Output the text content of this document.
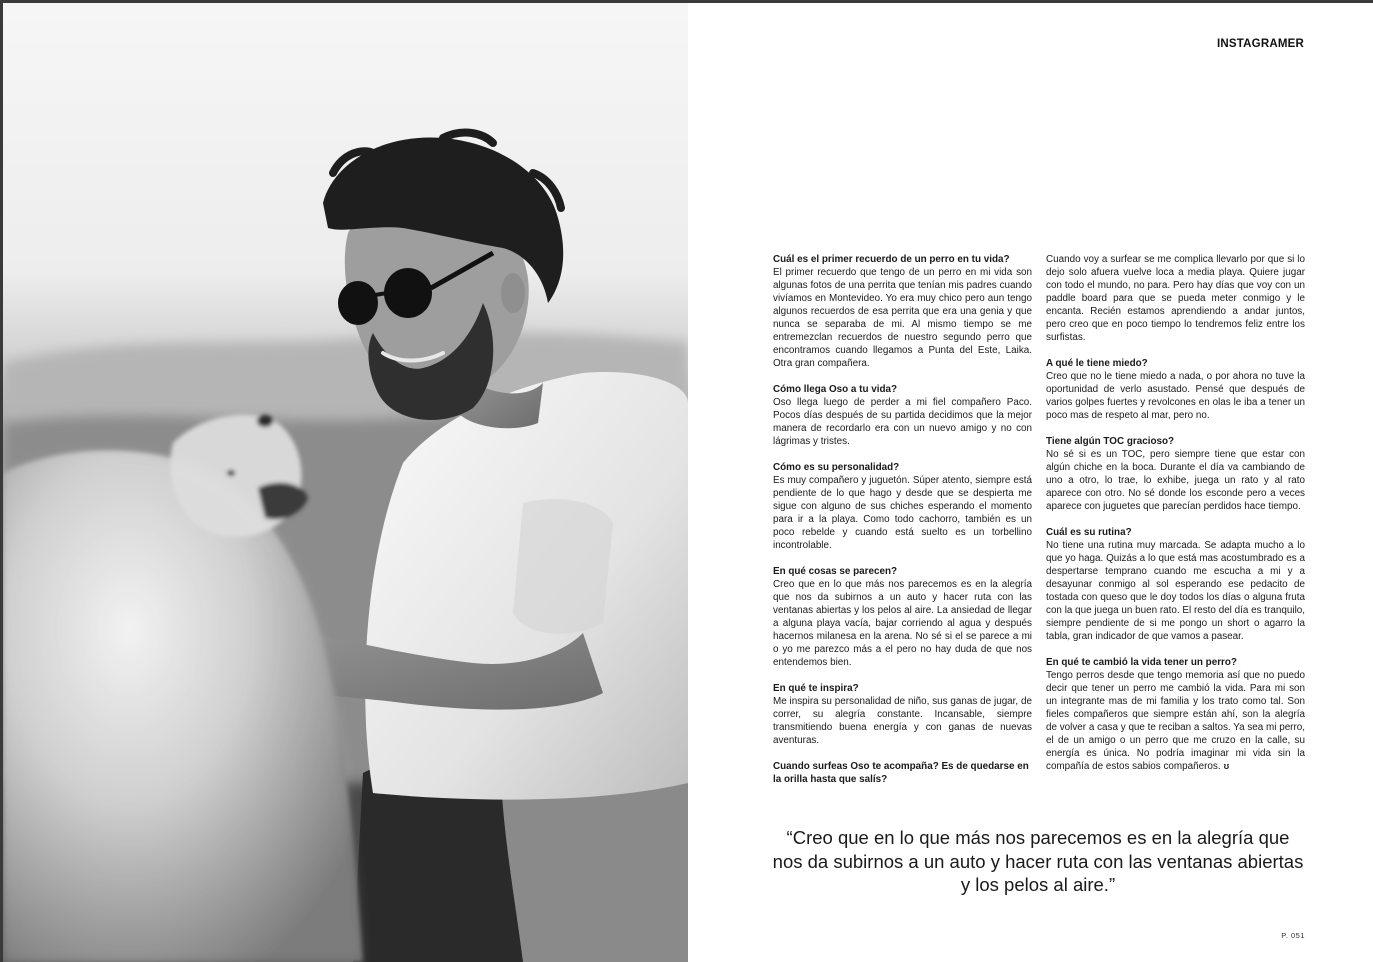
INSTAGRAMER
Cuál es el primer recuerdo de un perro en tu vida?
El primer recuerdo que tengo de un perro en mi vida son algunas fotos de una perrita que tenían mis padres cuando vivíamos en Montevideo. Yo era muy chico pero aun tengo algunos recuerdos de esa perrita que era una genia y que nunca se separaba de mi. Al mismo tiempo se me entremezclan recuerdos de nuestro segundo perro que encontramos cuando llegamos a Punta del Este, Laika. Otra gran compañera.
Cómo llega Oso a tu vida?
Oso llega luego de perder a mi fiel compañero Paco. Pocos días después de su partida decidimos que la mejor manera de recordarlo era con un nuevo amigo y no con lágrimas y tristes.
Cómo es su personalidad?
Es muy compañero y juguetón. Súper atento, siempre está pendiente de lo que hago y desde que se despierta me sigue con alguno de sus chiches esperando el momento para ir a la playa. Como todo cachorro, también es un poco rebelde y cuando está suelto es un torbellino incontrolable.
En qué cosas se parecen?
Creo que en lo que más nos parecemos es en la alegría que nos da subirnos a un auto y hacer ruta con las ventanas abiertas y los pelos al aire. La ansiedad de llegar a alguna playa vacía, bajar corriendo al agua y después hacernos milanesa en la arena. No sé si el se parece a mi o yo me parezco más a el pero no hay duda de que nos entendemos bien.
En qué te inspira?
Me inspira su personalidad de niño, sus ganas de jugar, de correr, su alegría constante. Incansable, siempre transmitiendo buena energía y con ganas de nuevas aventuras.
Cuando surfeas Oso te acompaña? Es de quedarse en la orilla hasta que salís?
Cuando voy a surfear se me complica llevarlo por que si lo dejo solo afuera vuelve loca a media playa. Quiere jugar con todo el mundo, no para. Pero hay días que voy con un paddle board para que se pueda meter conmigo y le encanta. Recién estamos aprendiendo a andar juntos, pero creo que en poco tiempo lo tendremos feliz entre los surfistas.
A qué le tiene miedo?
Creo que no le tiene miedo a nada, o por ahora no tuve la oportunidad de verlo asustado. Pensé que después de varios golpes fuertes y revolcones en olas le iba a tener un poco mas de respeto al mar, pero no.
Tiene algún TOC gracioso?
No sé si es un TOC, pero siempre tiene que estar con algún chiche en la boca. Durante el día va cambiando de uno a otro, lo trae, lo exhibe, juega un rato y al rato aparece con otro. No sé donde los esconde pero a veces aparece con juguetes que parecían perdidos hace tiempo.
Cuál es su rutina?
No tiene una rutina muy marcada. Se adapta mucho a lo que yo haga. Quizás a lo que está mas acostumbrado es a despertarse temprano cuando me escucha a mi y a desayunar conmigo al sol esperando ese pedacito de tostada con queso que le doy todos los días o alguna fruta con la que juega un buen rato. El resto del día es tranquilo, siempre pendiente de si me pongo un short o agarro la tabla, gran indicador de que vamos a pasear.
En qué te cambió la vida tener un perro?
Tengo perros desde que tengo memoria así que no puedo decir que tener un perro me cambió la vida. Para mi son un integrante mas de mi familia y los trato como tal. Son fieles compañeros que siempre están ahí, son la alegría de volver a casa y que te reciban a saltos. Ya sea mi perro, el de un amigo o un perro que me cruzo en la calle, su energía es única. No podría imaginar mi vida sin la compañía de estos sabios compañeros. ʊ
“Creo que en lo que más nos parecemos es en la alegría que nos da subirnos a un auto y hacer ruta con las ventanas abiertas y los pelos al aire.”
P. 051
